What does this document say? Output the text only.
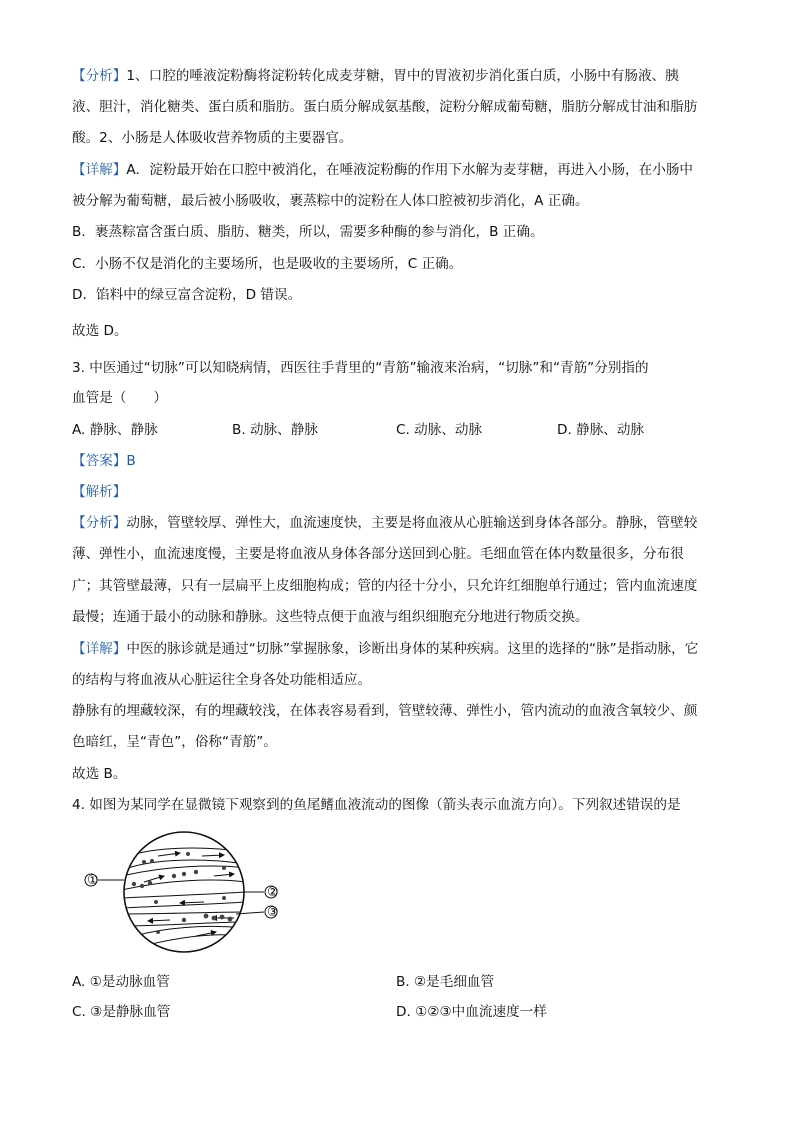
【分析】1、口腔的唾液淀粉酶将淀粉转化成麦芽糖，胃中的胃液初步消化蛋白质，小肠中有肠液、胰
液、胆汁，消化糖类、蛋白质和脂肪。蛋白质分解成氨基酸，淀粉分解成葡萄糖，脂肪分解成甘油和脂肪
酸。2、小肠是人体吸收营养物质的主要器官。
【详解】A．淀粉最开始在口腔中被消化，在唾液淀粉酶的作用下水解为麦芽糖，再进入小肠，在小肠中
被分解为葡萄糖，最后被小肠吸收，裹蒸粽中的淀粉在人体口腔被初步消化，A 正确。
B．裹蒸粽富含蛋白质、脂肪、糖类，所以，需要多种酶的参与消化，B 正确。
C．小肠不仅是消化的主要场所，也是吸收的主要场所，C 正确。
D．馅料中的绿豆富含淀粉，D 错误。
故选 D。
3. 中医通过“切脉”可以知晓病情，西医往手背里的“青筋”输液来治病，“切脉”和“青筋”分别指的
血管是（　　）
A. 静脉、静脉	B. 动脉、静脉	C. 动脉、动脉	D. 静脉、动脉
【答案】B
【解析】
【分析】动脉，管壁较厚、弹性大，血流速度快，主要是将血液从心脏输送到身体各部分。静脉，管壁较
薄、弹性小，血流速度慢，主要是将血液从身体各部分送回到心脏。毛细血管在体内数量很多，分布很
广；其管壁最薄，只有一层扁平上皮细胞构成；管的内径十分小，只允许红细胞单行通过；管内血流速度
最慢；连通于最小的动脉和静脉。这些特点便于血液与组织细胞充分地进行物质交换。
【详解】中医的脉诊就是通过“切脉”掌握脉象，诊断出身体的某种疾病。这里的选择的“脉”是指动脉，它
的结构与将血液从心脏运往全身各处功能相适应。
静脉有的埋藏较深，有的埋藏较浅，在体表容易看到，管壁较薄、弹性小，管内流动的血液含氧较少、颜
色暗红，呈“青色”，俗称“青筋”。
故选 B。
4. 如图为某同学在显微镜下观察到的鱼尾鳍血液流动的图像（箭头表示血流方向）。下列叙述错误的是
①
②
③
A. ①是动脉血管	B. ②是毛细血管
C. ③是静脉血管	D. ①②③中血流速度一样
